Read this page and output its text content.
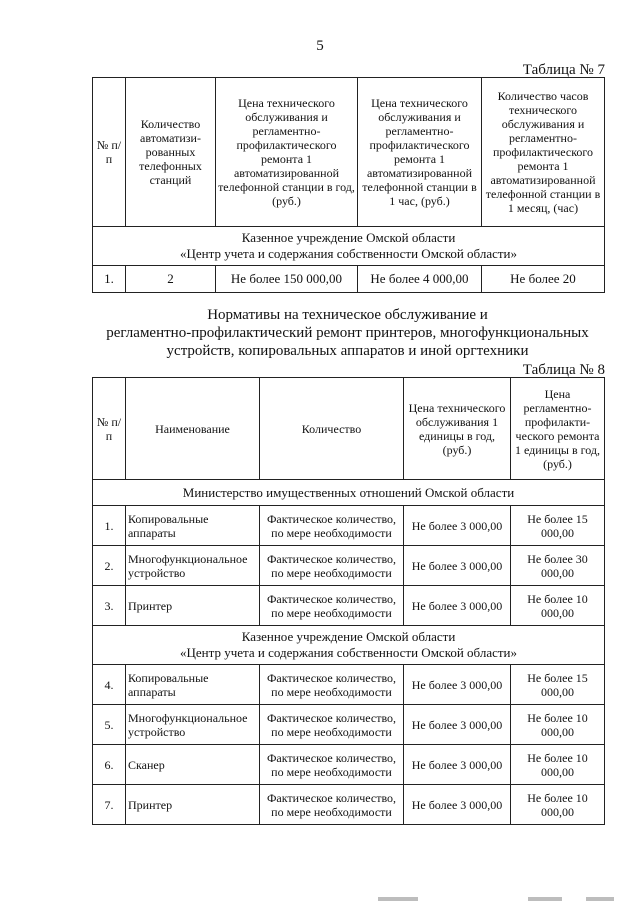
5
Таблица № 7
№ п/п	Количество автоматизи-рованных телефонных станций	Цена технического обслуживания и регламентно-профилактического ремонта 1 автоматизированной телефонной станции в год, (руб.)	Цена технического обслуживания и регламентно-профилактического ремонта 1 автоматизированной телефонной станции в 1 час, (руб.)	Количество часов технического обслуживания и регламентно-профилактического ремонта 1 автоматизированной телефонной станции в 1 месяц, (час)

Казенное учреждение Омской области
«Центр учета и содержания собственности Омской области»				

1.	2	Не более 150 000,00	Не более 4 000,00	Не более 20
Нормативы на техническое обслуживание и
регламентно-профилактический ремонт принтеров, многофункциональных
устройств, копировальных аппаратов и иной оргтехники
Таблица № 8
№ п/п	Наименование	Количество	Цена технического обслуживания 1 единицы в год, (руб.)	Цена регламентно-профилакти-ческого ремонта 1 единицы в год, (руб.)
Министерство имущественных отношений Омской области				
1.	Копировальные аппараты	Фактическое количество, по мере необходимости	Не более 3 000,00	Не более 15 000,00
2.	Многофункциональное устройство	Фактическое количество, по мере необходимости	Не более 3 000,00	Не более 30 000,00
3.	Принтер	Фактическое количество, по мере необходимости	Не более 3 000,00	Не более 10 000,00

Казенное учреждение Омской области
«Центр учета и содержания собственности Омской области»				

4.	Копировальные аппараты	Фактическое количество, по мере необходимости	Не более 3 000,00	Не более 15 000,00
5.	Многофункциональное устройство	Фактическое количество, по мере необходимости	Не более 3 000,00	Не более 10 000,00
6.	Сканер	Фактическое количество, по мере необходимости	Не более 3 000,00	Не более 10 000,00
7.	Принтер	Фактическое количество, по мере необходимости	Не более 3 000,00	Не более 10 000,00
